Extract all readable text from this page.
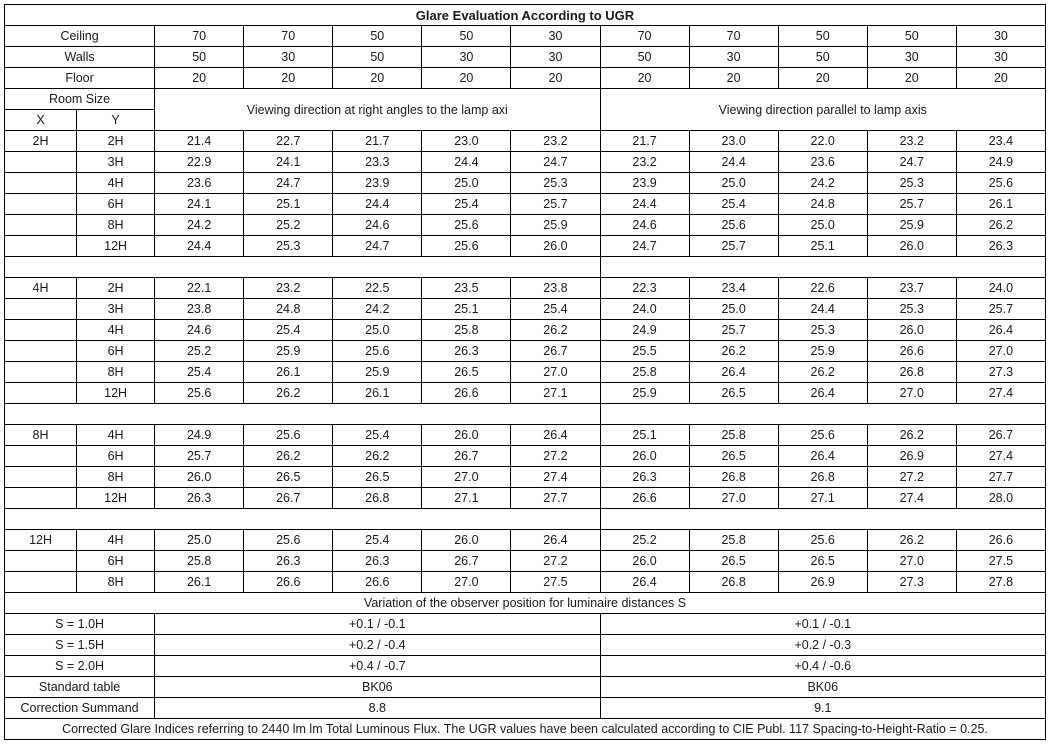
Glare Evaluation According to UGR											
Ceiling		70	70	50	50	30	70	70	50	50	30
Walls		50	30	50	30	30	50	30	50	30	30
Floor		20	20	20	20	20	20	20	20	20	20
Room Size		Viewing direction at right angles to the lamp axi					Viewing direction parallel to lamp axis				
X	Y										
2H	2H	21.4	22.7	21.7	23.0	23.2	21.7	23.0	22.0	23.2	23.4
	3H	22.9	24.1	23.3	24.4	24.7	23.2	24.4	23.6	24.7	24.9
	4H	23.6	24.7	23.9	25.0	25.3	23.9	25.0	24.2	25.3	25.6
	6H	24.1	25.1	24.4	25.4	25.7	24.4	25.4	24.8	25.7	26.1
	8H	24.2	25.2	24.6	25.6	25.9	24.6	25.6	25.0	25.9	26.2
	12H	24.4	25.3	24.7	25.6	26.0	24.7	25.7	25.1	26.0	26.3

4H	2H	22.1	23.2	22.5	23.5	23.8	22.3	23.4	22.6	23.7	24.0
	3H	23.8	24.8	24.2	25.1	25.4	24.0	25.0	24.4	25.3	25.7
	4H	24.6	25.4	25.0	25.8	26.2	24.9	25.7	25.3	26.0	26.4
	6H	25.2	25.9	25.6	26.3	26.7	25.5	26.2	25.9	26.6	27.0
	8H	25.4	26.1	25.9	26.5	27.0	25.8	26.4	26.2	26.8	27.3
	12H	25.6	26.2	26.1	26.6	27.1	25.9	26.5	26.4	27.0	27.4

8H	4H	24.9	25.6	25.4	26.0	26.4	25.1	25.8	25.6	26.2	26.7
	6H	25.7	26.2	26.2	26.7	27.2	26.0	26.5	26.4	26.9	27.4
	8H	26.0	26.5	26.5	27.0	27.4	26.3	26.8	26.8	27.2	27.7
	12H	26.3	26.7	26.8	27.1	27.7	26.6	27.0	27.1	27.4	28.0

12H	4H	25.0	25.6	25.4	26.0	26.4	25.2	25.8	25.6	26.2	26.6
	6H	25.8	26.3	26.3	26.7	27.2	26.0	26.5	26.5	27.0	27.5
	8H	26.1	26.6	26.6	27.0	27.5	26.4	26.8	26.9	27.3	27.8
Variation of the observer position for luminaire distances S											
S = 1.0H		+0.1 / -0.1					+0.1 / -0.1				
S = 1.5H		+0.2 / -0.4					+0.2 / -0.3				
S = 2.0H		+0.4 / -0.7					+0.4 / -0.6				
Standard table		BK06					BK06				
Correction Summand		8.8					9.1				
Corrected Glare Indices referring to 2440 lm lm Total Luminous Flux. The UGR values have been calculated according to CIE Publ. 117 Spacing-to-Height-Ratio = 0.25.											
